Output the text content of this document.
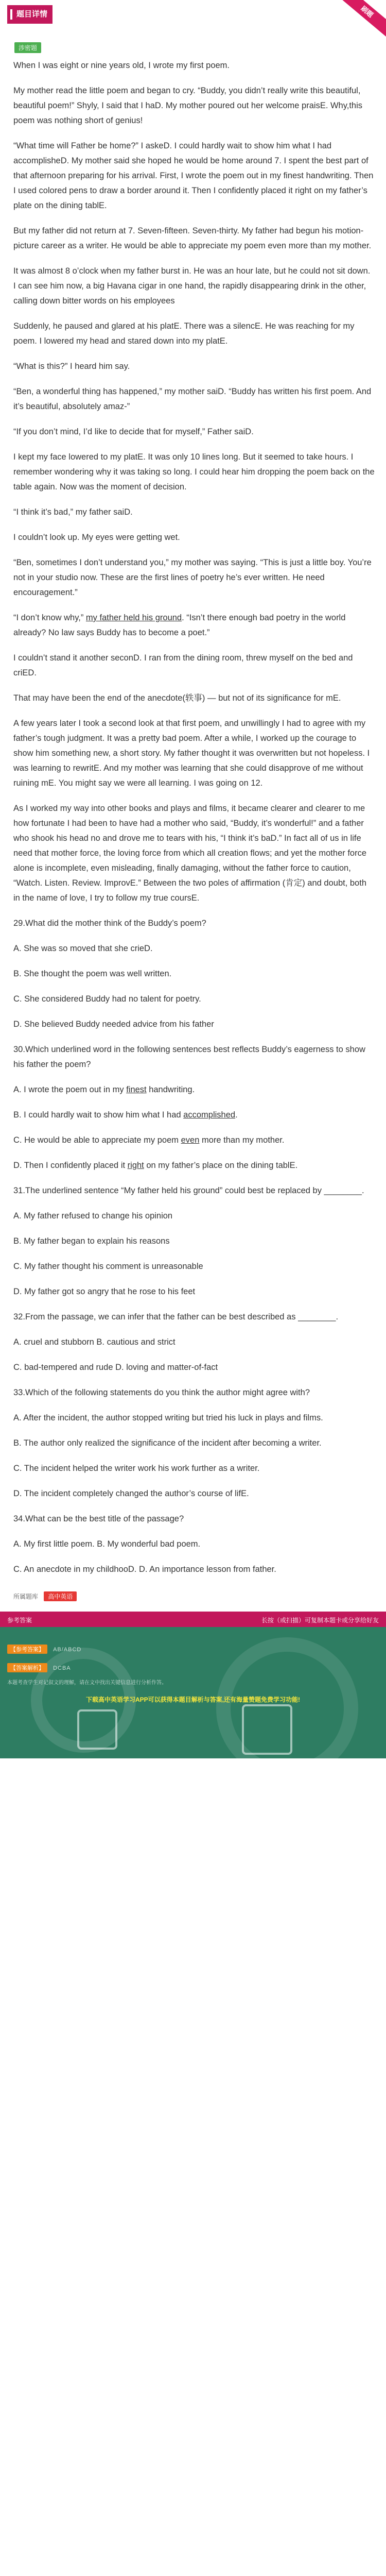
题目详情	刷题
涉密题

When I was eight or nine years old, I wrote my first poem.

My mother read the little poem and began to cry. “Buddy, you didn’t really write this beautiful, beautiful poem!” Shyly, I said that I haD. My mother poured out her welcome praisE. Why,this poem was nothing short of genius!

“What time will Father be home?” I askeD. I could hardly wait to show him what I had accomplisheD. My mother said she hoped he would be home around 7. I spent the best part of that afternoon preparing for his arrival. First, I wrote the poem out in my finest handwriting. Then I used colored pens to draw a border around it. Then I confidently placed it right on my father’s plate on the dining tablE.

But my father did not return at 7. Seven-fifteen. Seven-thirty. My father had begun his motion-picture career as a writer. He would be able to appreciate my poem even more than my mother.

It was almost 8 o’clock when my father burst in. He was an hour late, but he could not sit down. I can see him now, a big Havana cigar in one hand, the rapidly disappearing drink in the other, calling down bitter words on his employees

Suddenly, he paused and glared at his platE. There was a silencE. He was reaching for my poem. I lowered my head and stared down into my platE.

“What is this?” I heard him say.

“Ben, a wonderful thing has happened,” my mother saiD. “Buddy has written his first poem. And it’s beautiful, absolutely amaz-”

“If you don’t mind, I’d like to decide that for myself,” Father saiD.

I kept my face lowered to my platE. It was only 10 lines long. But it seemed to take hours. I remember wondering why it was taking so long. I could hear him dropping the poem back on the table again. Now was the moment of decision.

“I think it’s bad,” my father saiD.

I couldn’t look up. My eyes were getting wet.

“Ben, sometimes I don’t understand you,” my mother was saying. “This is just a little boy. You’re not in your studio now. These are the first lines of poetry he’s ever written. He need encouragement.”

“I don’t know why,” my father held his ground. “Isn’t there enough bad poetry in the world already? No law says Buddy has to become a poet.”

I couldn’t stand it another seconD. I ran from the dining room, threw myself on the bed and criED.

That may have been the end of the anecdote(轶事) — but not of its significance for mE.

A few years later I took a second look at that first poem, and unwillingly I had to agree with my father’s tough judgment. It was a pretty bad poem. After a while, I worked up the courage to show him something new, a short story. My father thought it was overwritten but not hopeless. I was learning to rewritE. And my mother was learning that she could disapprove of me without ruining mE. You might say we were all learning. I was going on 12.

As I worked my way into other books and plays and films, it became clearer and clearer to me how fortunate I had been to have had a mother who said, “Buddy, it’s wonderful!” and a father who shook his head no and drove me to tears with his, “I think it’s baD.” In fact all of us in life need that mother force, the loving force from which all creation flows; and yet the mother force alone is incomplete, even misleading, finally damaging, without the father force to caution, “Watch. Listen. Review. ImprovE.” Between the two poles of affirmation (肯定) and doubt, both in the name of love, I try to follow my true coursE.

29.What did the mother think of the Buddy’s poem?

A. She was so moved that she crieD.

B. She thought the poem was well written.

C. She considered Buddy had no talent for poetry.

D. She believed Buddy needed advice from his father

30.Which underlined word in the following sentences best reflects Buddy’s eagerness to show his father the poem?

A. I wrote the poem out in my finest handwriting.

B. I could hardly wait to show him what I had accomplished.

C. He would be able to appreciate my poem even more than my mother.

D. Then I confidently placed it right on my father’s place on the dining tablE.

31.The underlined sentence “My father held his ground” could best be replaced by ________.

A. My father refused to change his opinion

B. My father began to explain his reasons

C. My father thought his comment is unreasonable

D. My father got so angry that he rose to his feet

32.From the passage, we can infer that the father can be best described as ________.

A. cruel and stubborn B. cautious and strict

C. bad-tempered and rude D. loving and matter-of-fact

33.Which of the following statements do you think the author might agree with?

A. After the incident, the author stopped writing but tried his luck in plays and films.

B. The author only realized the significance of the incident after becoming a writer.

C. The incident helped the writer work his work further as a writer.

D. The incident completely changed the author’s course of lifE.

34.What can be the best title of the passage?

A. My first little poem. B. My wonderful bad poem.

C. An anecdote in my childhooD. D. An importance lesson from father.

所属题库 高中英语
参考答案	长按（或扫描）可复制本题卡或分享给好友
【参考答案】 AB/ABCD
【答案解析】 DCBA
本题考查学生对记叙文的理解，请在文中找出关键信息进行分析作答。
下载高中英语学习APP可以获得本题目解析与答案,还有海量赞题免费学习功能!
